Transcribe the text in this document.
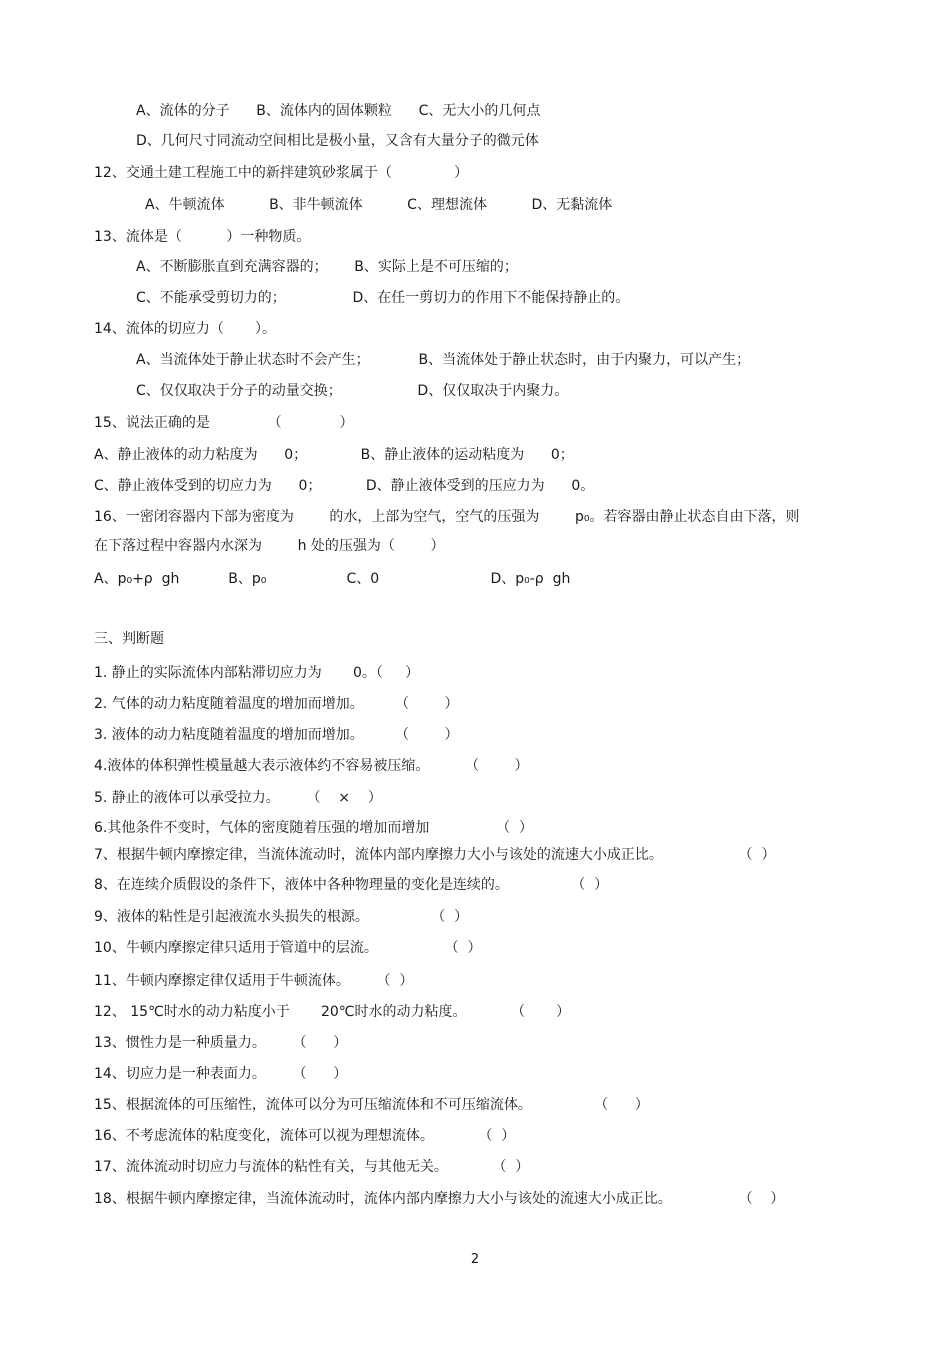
A、流体的分子      B、流体内的固体颗粒      C、无大小的几何点
D、几何尺寸同流动空间相比是极小量，又含有大量分子的微元体
12、交通土建工程施工中的新拌建筑砂浆属于（              ）
A、牛顿流体          B、非牛顿流体          C、理想流体          D、无黏流体
13、流体是（          ）一种物质。
A、不断膨胀直到充满容器的；      B、实际上是不可压缩的；
C、不能承受剪切力的；               D、在任一剪切力的作用下不能保持静止的。
14、流体的切应力（       ）。
A、当流体处于静止状态时不会产生；           B、当流体处于静止状态时，由于内聚力，可以产生；
C、仅仅取决于分子的动量交换；                 D、仅仅取决于内聚力。
15、说法正确的是             （             ）
A、静止液体的动力粘度为      0；            B、静止液体的运动粘度为      0；
C、静止液体受到的切应力为      0；          D、静止液体受到的压应力为      0。
16、一密闭容器内下部为密度为        的水，上部为空气，空气的压强为        p₀。若容器由静止状态自由下落，则
在下落过程中容器内水深为        h 处的压强为（        ）
A、p₀+ρ  gh           B、p₀                  C、0                         D、p₀-ρ  gh
三、判断题
1. 静止的实际流体内部粘滞切应力为       0。（     ）
2. 气体的动力粘度随着温度的增加而增加。       （        ）
3. 液体的动力粘度随着温度的增加而增加。       （        ）
4.液体的体积弹性模量越大表示液体约不容易被压缩。        （        ）
5. 静止的液体可以承受拉力。      （    ×    ）
6.其他条件不变时，气体的密度随着压强的增加而增加               （  ）
7、根据牛顿内摩擦定律，当流体流动时，流体内部内摩擦力大小与该处的流速大小成正比。                 （  ）
8、在连续介质假设的条件下，液体中各种物理量的变化是连续的。              （  ）
9、液体的粘性是引起液流水头损失的根源。              （  ）
10、牛顿内摩擦定律只适用于管道中的层流。               （  ）
11、牛顿内摩擦定律仅适用于牛顿流体。      （  ）
12、 15℃时水的动力粘度小于       20℃时水的动力粘度。          （       ）
13、惯性力是一种质量力。      （      ）
14、切应力是一种表面力。      （      ）
15、根据流体的可压缩性，流体可以分为可压缩流体和不可压缩流体。              （      ）
16、不考虑流体的粘度变化，流体可以视为理想流体。          （  ）
17、流体流动时切应力与流体的粘性有关，与其他无关。          （  ）
18、根据牛顿内摩擦定律，当流体流动时，流体内部内摩擦力大小与该处的流速大小成正比。               （    ）
2
